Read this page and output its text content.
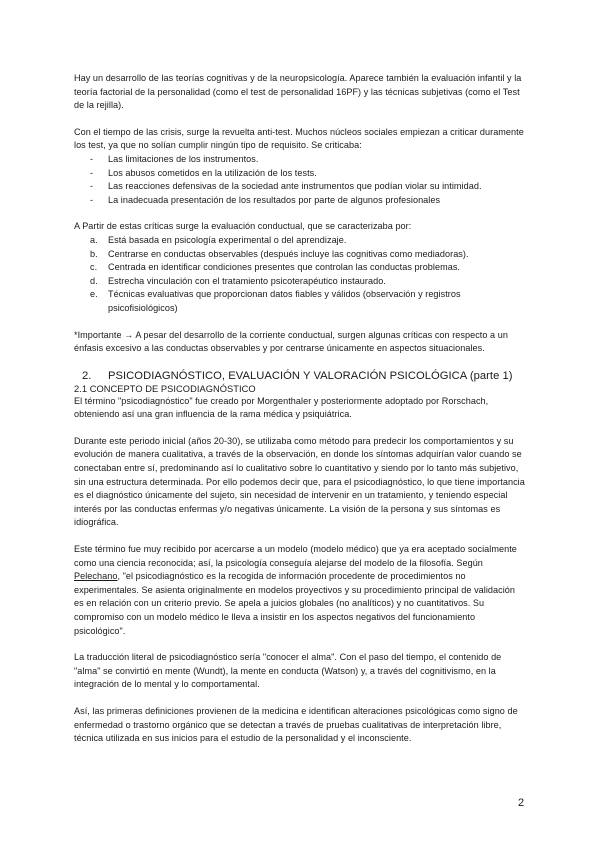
Hay un desarrollo de las teorías cognitivas y de la neuropsicología. Aparece también la evaluación infantil y la teoría factorial de la personalidad (como el test de personalidad 16PF) y las técnicas subjetivas (como el Test de la rejilla).

Con el tiempo de las crisis, surge la revuelta anti-test. Muchos núcleos sociales empiezan a criticar duramente los test, ya que no solían cumplir ningún tipo de requisito. Se criticaba:

- Las limitaciones de los instrumentos.
- Los abusos cometidos en la utilización de los tests.
- Las reacciones defensivas de la sociedad ante instrumentos que podían violar su intimidad.
- La inadecuada presentación de los resultados por parte de algunos profesionales

A Partir de estas críticas surge la evaluación conductual, que se caracterizaba por:

a. Está basada en psicología experimental o del aprendizaje.
b. Centrarse en conductas observables (después incluye las cognitivas como mediadoras).
c. Centrada en identificar condiciones presentes que controlan las conductas problemas.
d. Estrecha vinculación con el tratamiento psicoterapéutico instaurado.
e. Técnicas evaluativas que proporcionan datos fiables y válidos (observación y registros psicofisiológicos)

*Importante → A pesar del desarrollo de la corriente conductual, surgen algunas críticas con respecto a un énfasis excesivo a las conductas observables y por centrarse únicamente en aspectos situacionales.

2. PSICODIAGNÓSTICO, EVALUACIÓN Y VALORACIÓN PSICOLÓGICA (parte 1)
2.1 CONCEPTO DE PSICODIAGNÓSTICO

El término "psicodiagnóstico" fue creado por Morgenthaler y posteriormente adoptado por Rorschach, obteniendo así una gran influencia de la rama médica y psiquiátrica.

Durante este periodo inicial (años 20-30), se utilizaba como método para predecir los comportamientos y su evolución de manera cualitativa, a través de la observación, en donde los síntomas adquirían valor cuando se conectaban entre sí, predominando así lo cualitativo sobre lo cuantitativo y siendo por lo tanto más subjetivo, sin una estructura determinada. Por ello podemos decir que, para el psicodiagnóstico, lo que tiene importancia es el diagnóstico únicamente del sujeto, sin necesidad de intervenir en un tratamiento, y teniendo especial interés por las conductas enfermas y/o negativas únicamente. La visión de la persona y sus síntomas es idiográfica.

Este término fue muy recibido por acercarse a un modelo (modelo médico) que ya era aceptado socialmente como una ciencia reconocida; así, la psicología conseguía alejarse del modelo de la filosofía. Según Pelechano, "el psicodiagnóstico es la recogida de información procedente de procedimientos no experimentales. Se asienta originalmente en modelos proyectivos y su procedimiento principal de validación es en relación con un criterio previo. Se apela a juicios globales (no analíticos) y no cuantitativos. Su compromiso con un modelo médico le lleva a insistir en los aspectos negativos del funcionamiento psicológico".

La traducción literal de psicodiagnóstico sería "conocer el alma". Con el paso del tiempo, el contenido de "alma" se convirtió en mente (Wundt), la mente en conducta (Watson) y, a través del cognitivismo, en la integración de lo mental y lo comportamental.

Así, las primeras definiciones provienen de la medicina e identifican alteraciones psicológicas como signo de enfermedad o trastorno orgánico que se detectan a través de pruebas cualitativas de interpretación libre, técnica utilizada en sus inicios para el estudio de la personalidad y el inconsciente.

2
